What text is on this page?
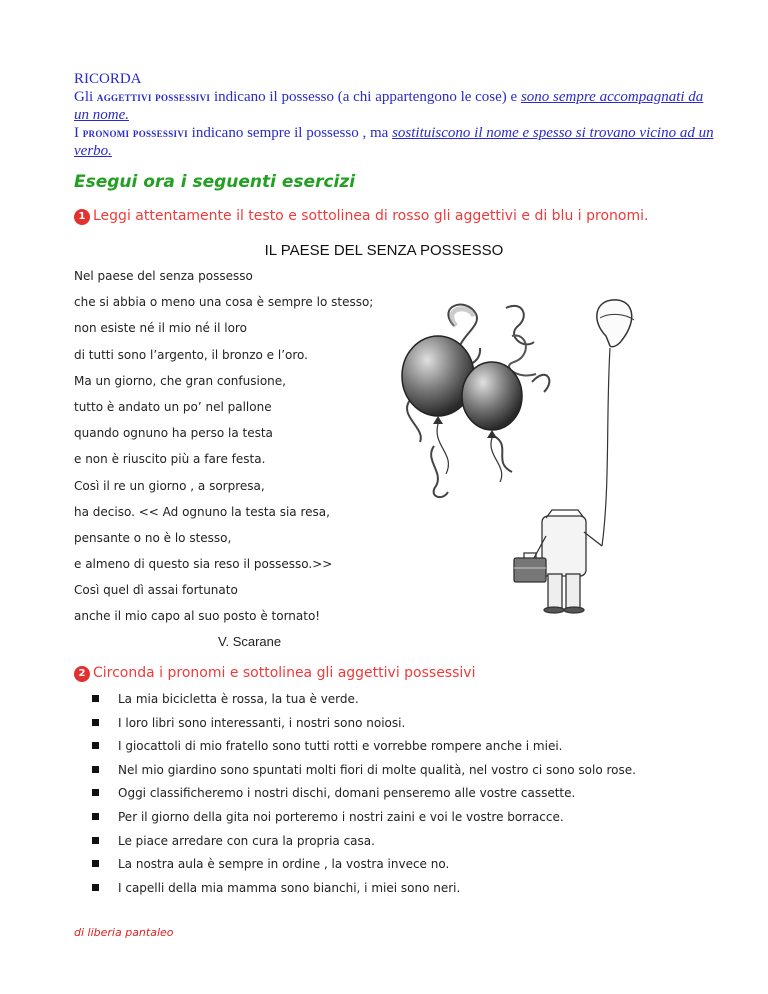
RICORDA
Gli aggettivi possessivi indicano il possesso (a chi appartengono le cose) e sono sempre accompagnati da un nome.
I pronomi possessivi indicano sempre il possesso , ma sostituiscono il nome e spesso si trovano vicino ad un verbo.
Esegui ora i seguenti esercizi
1 Leggi attentamente il testo e sottolinea di rosso gli aggettivi e di blu i pronomi.
IL PAESE DEL SENZA POSSESSO
Nel paese del senza possesso
che si abbia o meno una cosa è sempre lo stesso;
non esiste né il mio né il loro
di tutti sono l’argento, il bronzo e l’oro.
Ma un giorno, che gran confusione,
tutto è andato un po’ nel pallone
quando ognuno ha perso la testa
e non è riuscito più a fare festa.
Così il re un giorno , a sorpresa,
ha deciso. << Ad ognuno la testa sia resa,
pensante o no è lo stesso,
e almeno di questo sia reso il possesso.>>
Così quel dì assai fortunato
anche il mio capo al suo posto è tornato!
V. Scarane
2 Circonda i pronomi e sottolinea gli aggettivi possessivi
La mia bicicletta è rossa, la tua è verde.
I loro libri sono interessanti, i nostri sono noiosi.
I giocattoli di mio fratello sono tutti rotti e vorrebbe rompere anche i miei.
Nel mio giardino sono spuntati molti fiori di molte qualità, nel vostro ci sono solo rose.
Oggi classificheremo i nostri dischi, domani penseremo alle vostre cassette.
Per il giorno della gita noi porteremo i nostri zaini e voi le vostre borracce.
Le piace arredare con cura la propria casa.
La nostra aula è sempre in ordine , la vostra invece no.
I capelli della mia mamma sono bianchi, i miei sono neri.
di liberia pantaleo
